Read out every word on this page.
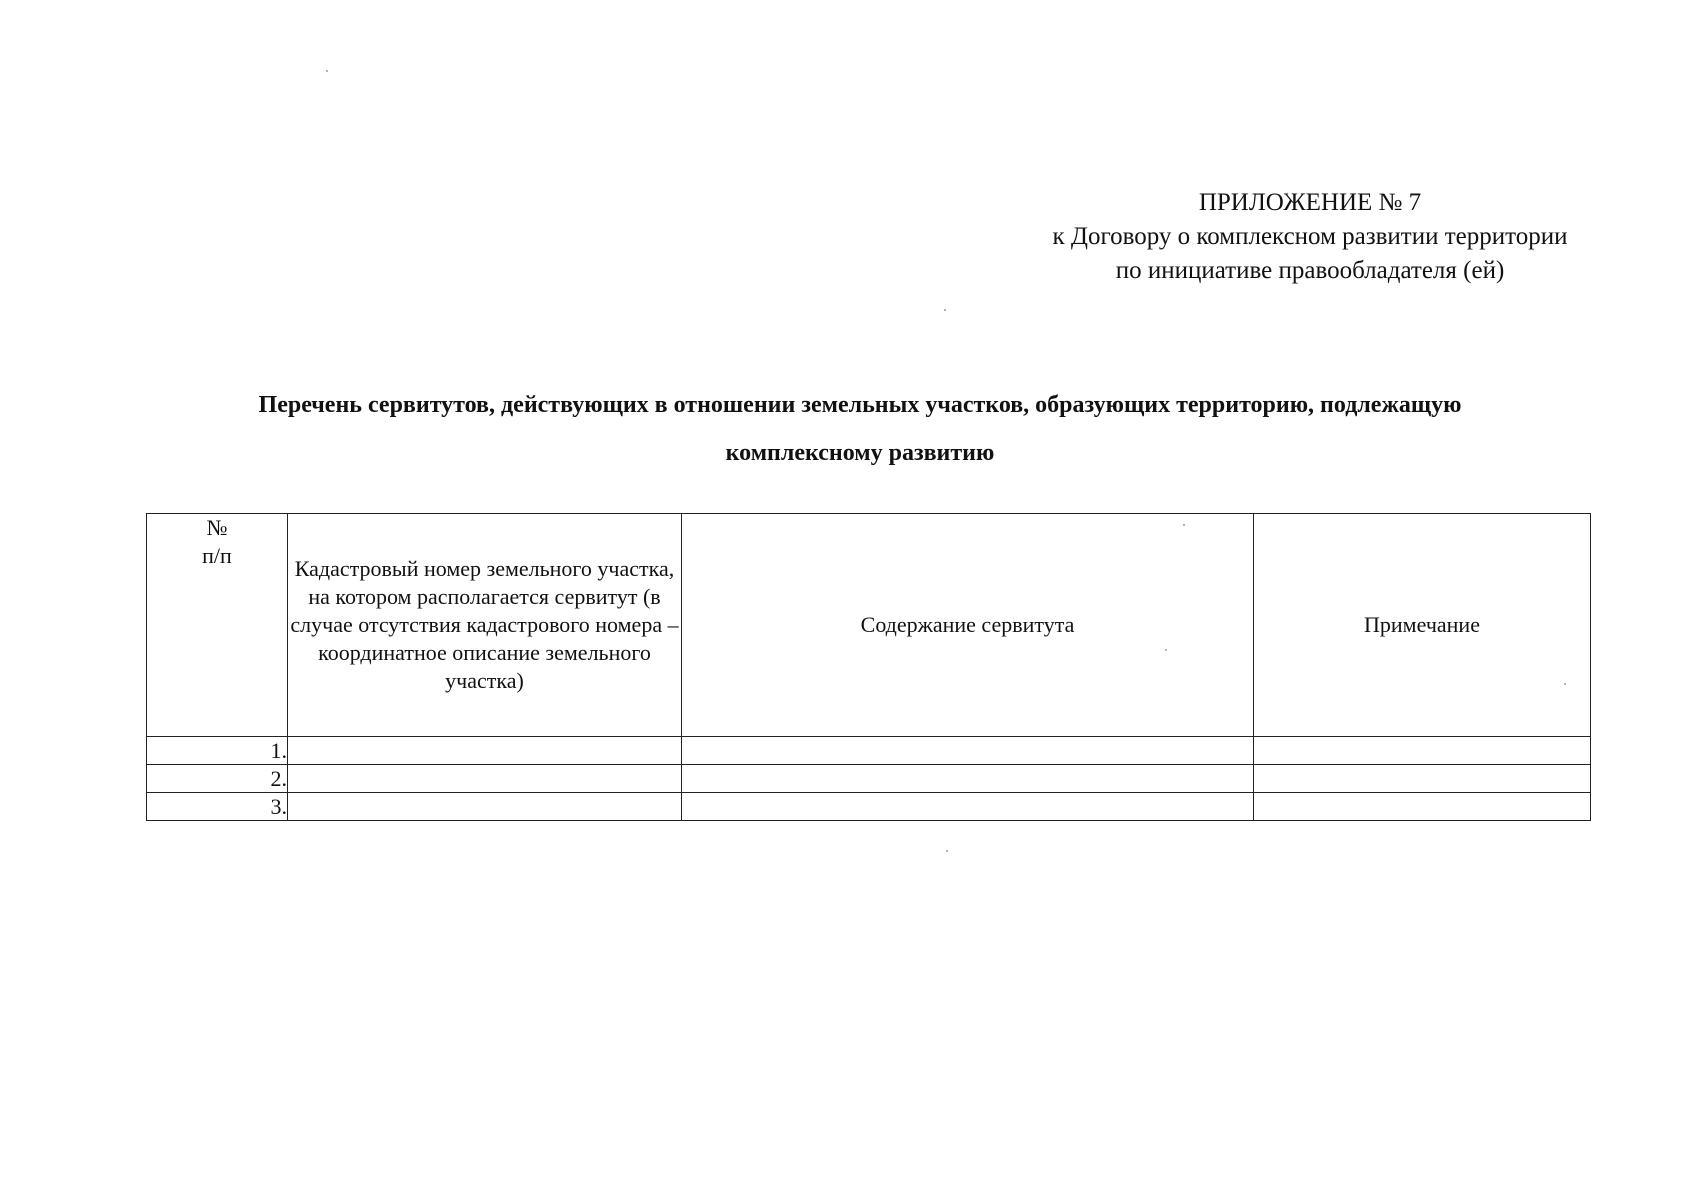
ПРИЛОЖЕНИЕ № 7
к Договору о комплексном развитии территории
по инициативе правообладателя (ей)
Перечень сервитутов, действующих в отношении земельных участков, образующих территорию, подлежащую
комплексному развитию
№
п/п	Кадастровый номер земельного участка, на котором располагается сервитут (в случае отсутствия кадастрового номера – координатное описание земельного участка)	Содержание сервитута	Примечание
1.			
2.			
3.			
